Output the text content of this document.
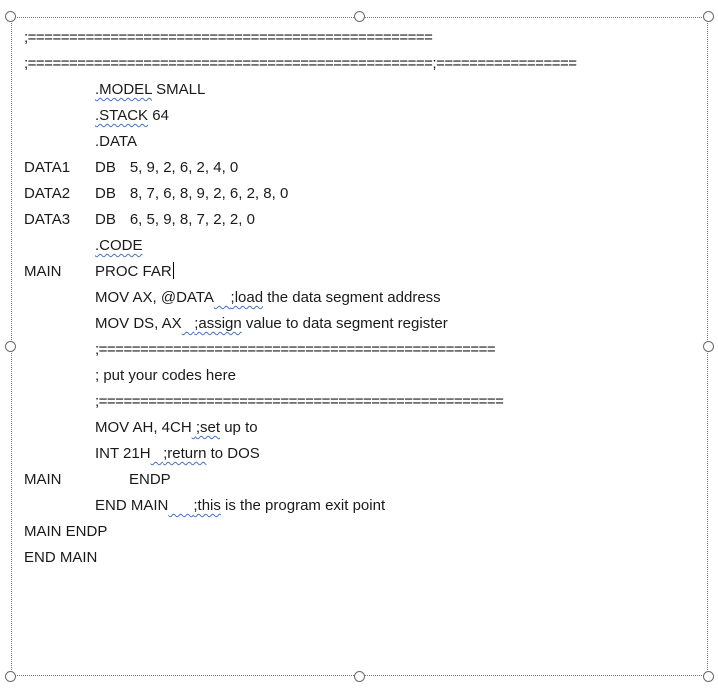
;=================================================
;=================================================;=================
.MODEL SMALL
.STACK 64
.DATA
DATA1 DB 5, 9, 2, 6, 2, 4, 0
DATA2 DB 8, 7, 6, 8, 9, 2, 6, 2, 8, 0
DATA3 DB 6, 5, 9, 8, 7, 2, 2, 0
.CODE
MAIN PROC FAR
MOV AX, @DATA ;load the data segment address
MOV DS, AX ;assign value to data segment register
;================================================
; put your codes here
;=================================================
MOV AH, 4CH ;set up to
INT 21H ;return to DOS
MAIN	ENDP
END MAIN ;this is the program exit point
MAIN ENDP
END MAIN
